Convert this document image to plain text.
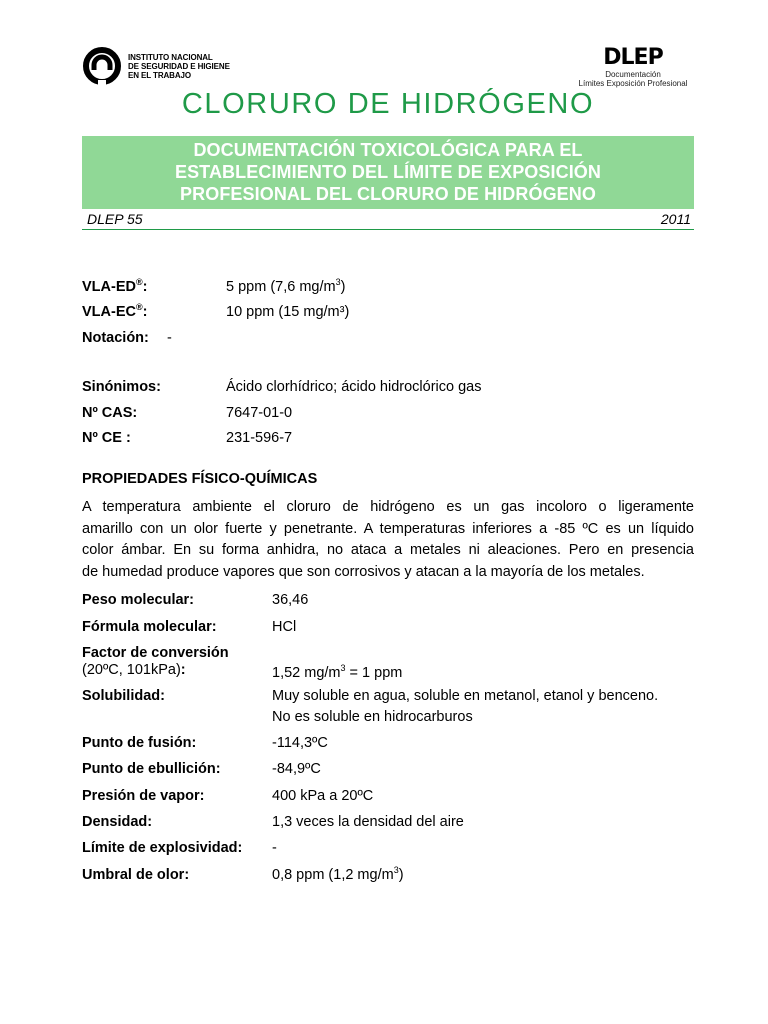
INSTITUTO NACIONAL
DE SEGURIDAD E HIGIENE
EN EL TRABAJO
DLEP
Documentación
Límites Exposición Profesional
CLORURO DE HIDRÓGENO
DOCUMENTACIÓN TOXICOLÓGICA PARA EL
ESTABLECIMIENTO DEL LÍMITE DE EXPOSICIÓN
PROFESIONAL DEL CLORURO DE HIDRÓGENO
DLEP 55	2011
VLA-ED®:	5 ppm (7,6 $mg/m^3$)
VLA-EC®:	10 ppm (15 mg/m³)
Notación: -
Sinónimos:	Ácido clorhídrico; ácido hidroclórico gas
Nº CAS:	7647-01-0
Nº CE :	231-596-7
PROPIEDADES FÍSICO-QUÍMICAS
A temperatura ambiente el cloruro de hidrógeno es un gas incoloro o ligeramente
amarillo con un olor fuerte y penetrante. A temperaturas inferiores a -85 ºC es un líquido
color ámbar. En su forma anhidra, no ataca a metales ni aleaciones. Pero en presencia
de humedad produce vapores que son corrosivos y atacan a la mayoría de los metales.
Peso molecular:	36,46
Fórmula molecular:	HCl
Factor de conversión
(20ºC, 101kPa):	1,52 $mg/m^3 = 1$ ppm
Solubilidad:	Muy soluble en agua, soluble en metanol, etanol y benceno.
No es soluble en hidrocarburos
Punto de fusión:	-114,3ºC
Punto de ebullición:	-84,9ºC
Presión de vapor:	400 kPa a 20ºC
Densidad:	1,3 veces la densidad del aire
Límite de explosividad: -
Umbral de olor:	0,8 ppm (1,2 $mg/m^3$)
